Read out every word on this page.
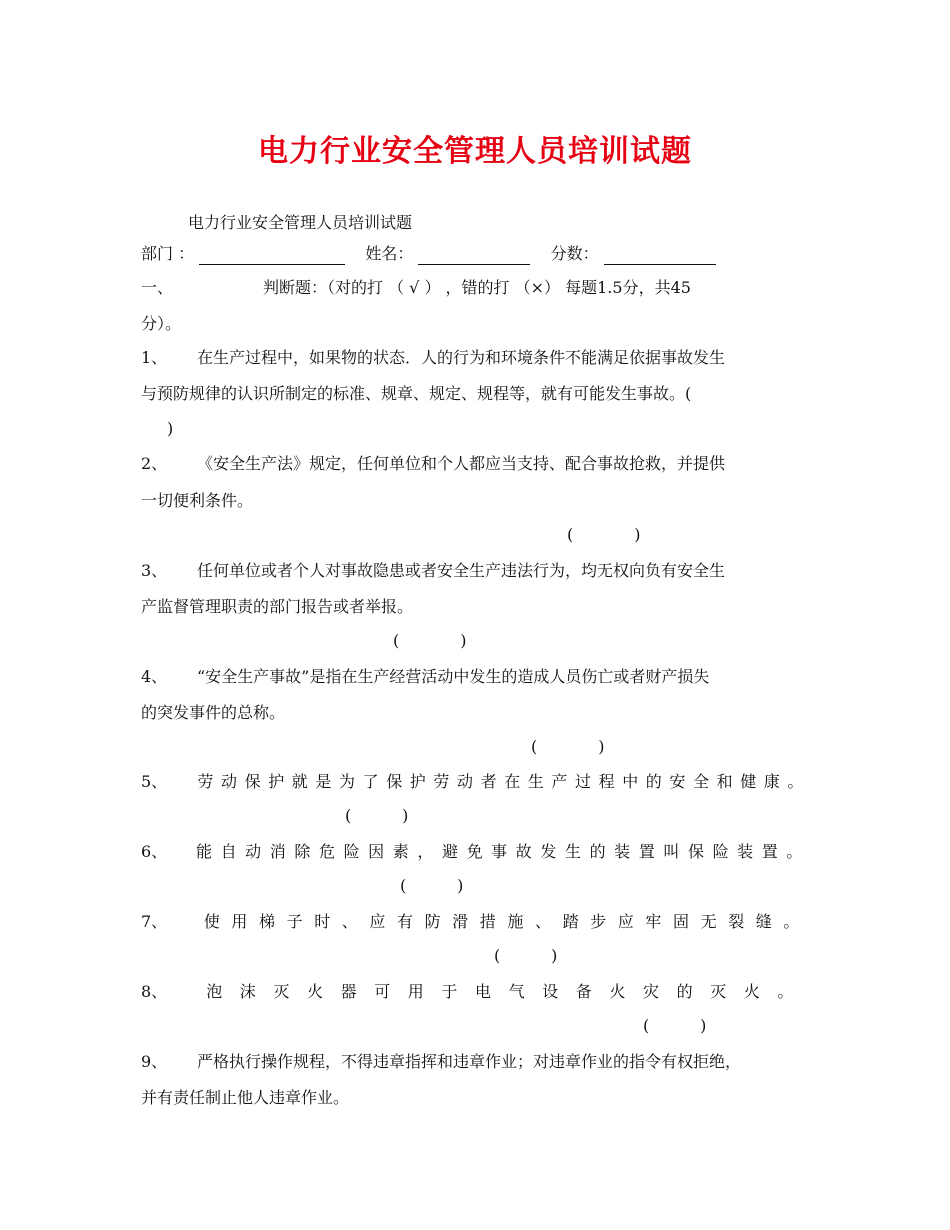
电力行业安全管理人员培训试题
电力行业安全管理人员培训试题
部门 ：	姓名：	分数：
一、	判断题：（对的打 （ √ ） ，错的打 （×） 每题1.5分，共45
分）。
1、 在生产过程中，如果物的状态．人的行为和环境条件不能满足依据事故发生
与预防规律的认识所制定的标准、规章、规定、规程等，就有可能发生事故。(
)
2、 《安全生产法》规定，任何单位和个人都应当支持、配合事故抢救，并提供
一切便利条件。
(            )
3、 任何单位或者个人对事故隐患或者安全生产违法行为，均无权向负有安全生
产监督管理职责的部门报告或者举报。
(            )
4、 “安全生产事故”是指在生产经营活动中发生的造成人员伤亡或者财产损失
的突发事件的总称。
(            )
5、 劳动保护就是为了保护劳动者在生产过程中的安全和健康。
(          )
6、 能自动消除危险因素，避免事故发生的装置叫保险装置。
(          )
7、 使用梯子时、应有防滑措施、踏步应牢固无裂缝。
(          )
8、 泡沫灭火器可用于电气设备火灾的灭火。
(          )
9、 严格执行操作规程，不得违章指挥和违章作业；对违章作业的指令有权拒绝，
并有责任制止他人违章作业。
